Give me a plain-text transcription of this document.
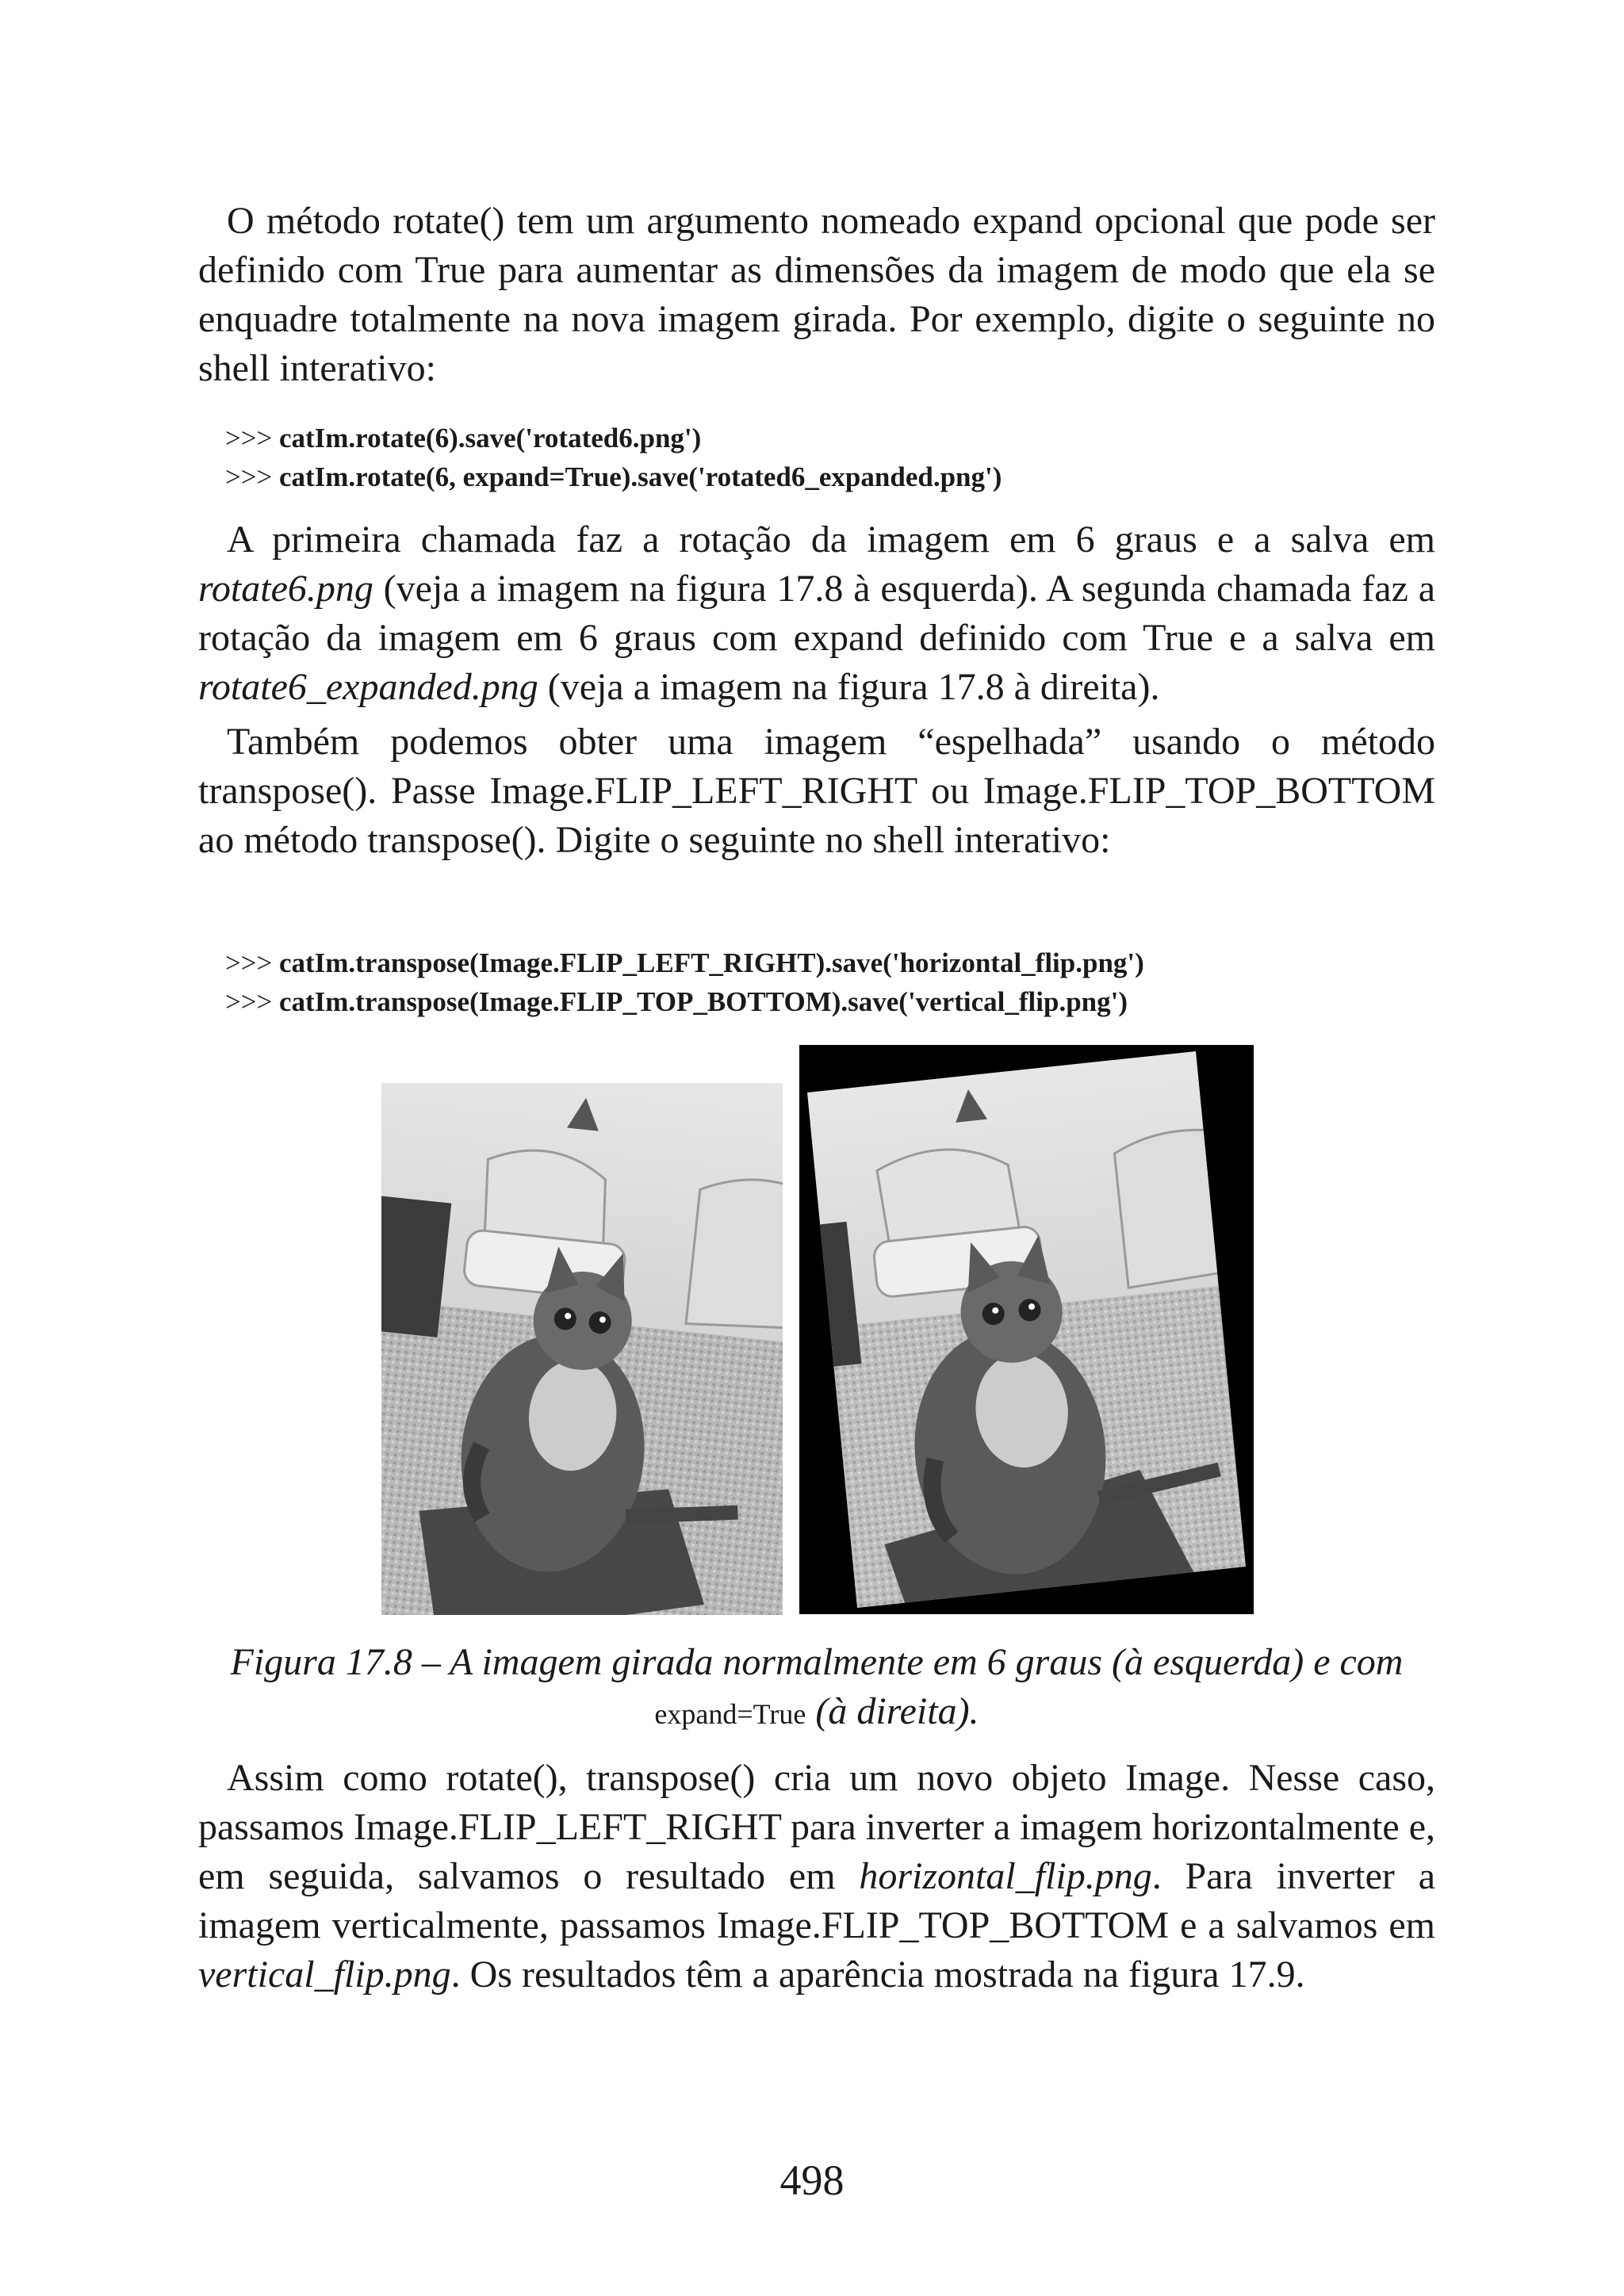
O método rotate() tem um argumento nomeado expand opcional que pode ser definido com True para aumentar as dimensões da imagem de modo que ela se enquadre totalmente na nova imagem girada. Por exemplo, digite o seguinte no shell interativo:
>>> catIm.rotate(6).save('rotated6.png')
>>> catIm.rotate(6, expand=True).save('rotated6_expanded.png')
A primeira chamada faz a rotação da imagem em 6 graus e a salva em rotate6.png (veja a imagem na figura 17.8 à esquerda). A segunda chamada faz a rotação da imagem em 6 graus com expand definido com True e a salva em rotate6_expanded.png (veja a imagem na figura 17.8 à direita).
Também podemos obter uma imagem “espelhada” usando o método transpose(). Passe Image.FLIP_LEFT_RIGHT ou Image.FLIP_TOP_BOTTOM ao método transpose(). Digite o seguinte no shell interativo:
>>> catIm.transpose(Image.FLIP_LEFT_RIGHT).save('horizontal_flip.png')
>>> catIm.transpose(Image.FLIP_TOP_BOTTOM).save('vertical_flip.png')
Figura 17.8 – A imagem girada normalmente em 6 graus (à esquerda) e com
expand=True (à direita).
Assim como rotate(), transpose() cria um novo objeto Image. Nesse caso, passamos Image.FLIP_LEFT_RIGHT para inverter a imagem horizontalmente e, em seguida, salvamos o resultado em horizontal_flip.png. Para inverter a imagem verticalmente, passamos Image.FLIP_TOP_BOTTOM e a salvamos em vertical_flip.png. Os resultados têm a aparência mostrada na figura 17.9.
498
